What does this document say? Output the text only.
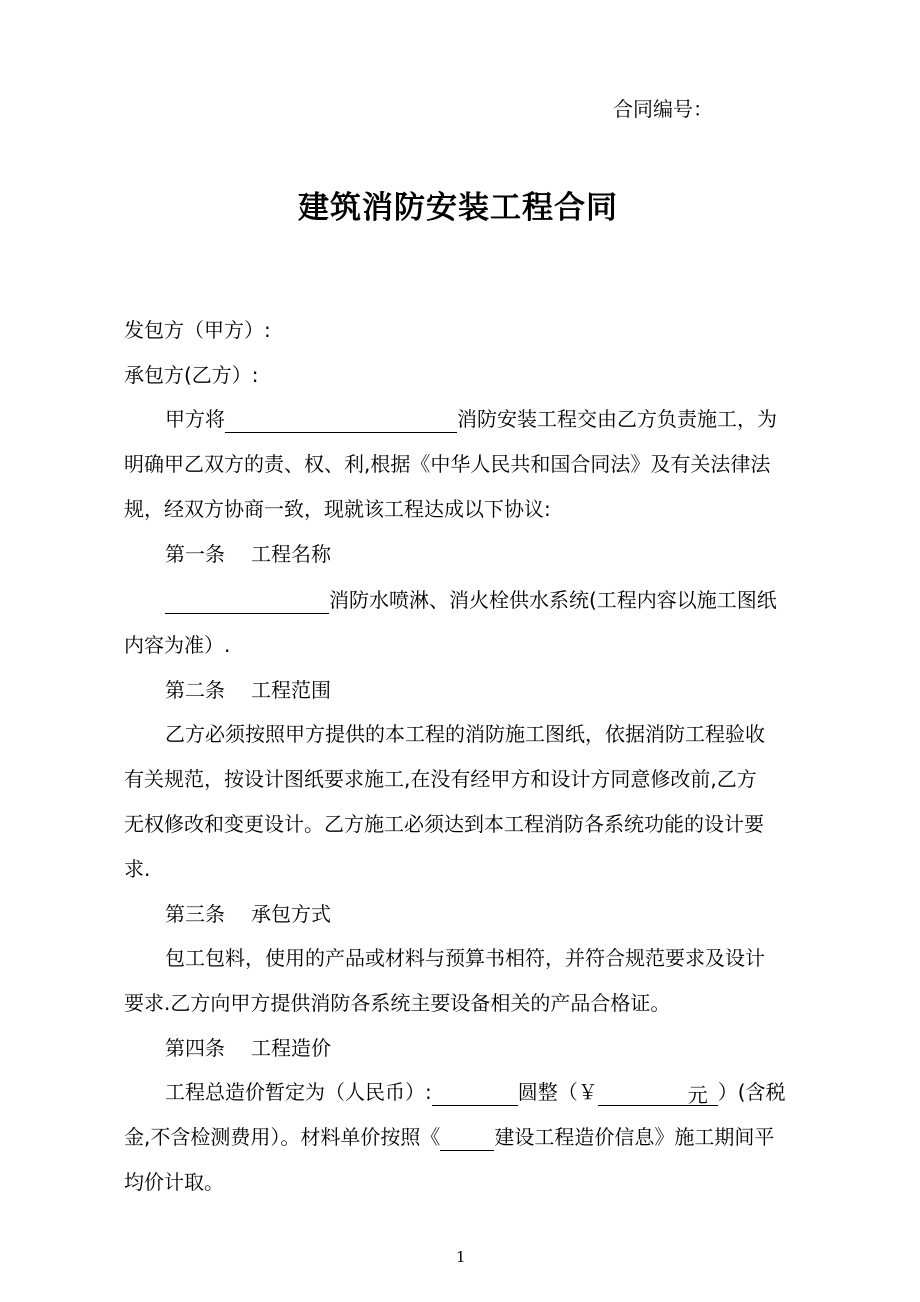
合同编号：
建筑消防安装工程合同
发包方（甲方）:
承包方(乙方）:
甲方将	消防安装工程交由乙方负责施工，为
明确甲乙双方的责、权、利,根据《中华人民共和国合同法》及有关法律法
规，经双方协商一致，现就该工程达成以下协议:
第一条 工程名称
消防水喷淋、消火栓供水系统(工程内容以施工图纸
内容为准）.
第二条 工程范围
乙方必须按照甲方提供的本工程的消防施工图纸，依据消防工程验收
有关规范，按设计图纸要求施工,在没有经甲方和设计方同意修改前,乙方
无权修改和变更设计。乙方施工必须达到本工程消防各系统功能的设计要
求.
第三条 承包方式
包工包料，使用的产品或材料与预算书相符，并符合规范要求及设计
要求.乙方向甲方提供消防各系统主要设备相关的产品合格证。
第四条 工程造价
工程总造价暂定为（人民币）:	圆整（￥	元 ）(含税
金,不含检测费用）。材料单价按照《	建设工程造价信息》施工期间平
均价计取。
1
